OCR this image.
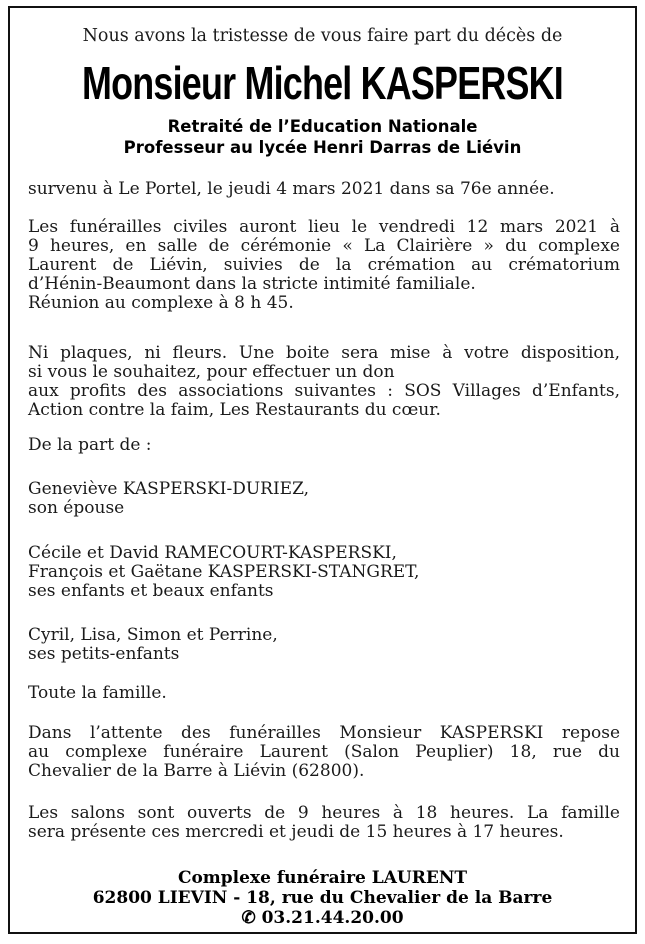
Nous avons la tristesse de vous faire part du décès de
Monsieur Michel KASPERSKI
Retraité de l’Education Nationale
Professeur au lycée Henri Darras de Liévin
survenu à Le Portel, le jeudi 4 mars 2021 dans sa 76e année.
Les funérailles civiles auront lieu le vendredi 12 mars 2021 à
9 heures, en salle de cérémonie « La Clairière » du complexe
Laurent de Liévin, suivies de la crémation au crématorium
d’Hénin-Beaumont dans la stricte intimité familiale.
Réunion au complexe à 8 h 45.
Ni plaques, ni fleurs. Une boite sera mise à votre disposition,
si vous le souhaitez, pour effectuer un don
aux profits des associations suivantes : SOS Villages d’Enfants,
Action contre la faim, Les Restaurants du cœur.
De la part de :
Geneviève KASPERSKI-DURIEZ,
son épouse
Cécile et David RAMECOURT-KASPERSKI,
François et Gaëtane KASPERSKI-STANGRET,
ses enfants et beaux enfants
Cyril, Lisa, Simon et Perrine,
ses petits-enfants
Toute la famille.
Dans l’attente des funérailles Monsieur KASPERSKI repose
au complexe funéraire Laurent (Salon Peuplier) 18, rue du
Chevalier de la Barre à Liévin (62800).
Les salons sont ouverts de 9 heures à 18 heures. La famille
sera présente ces mercredi et jeudi de 15 heures à 17 heures.
Complexe funéraire LAURENT
62800 LIEVIN - 18, rue du Chevalier de la Barre
✆ 03.21.44.20.00
